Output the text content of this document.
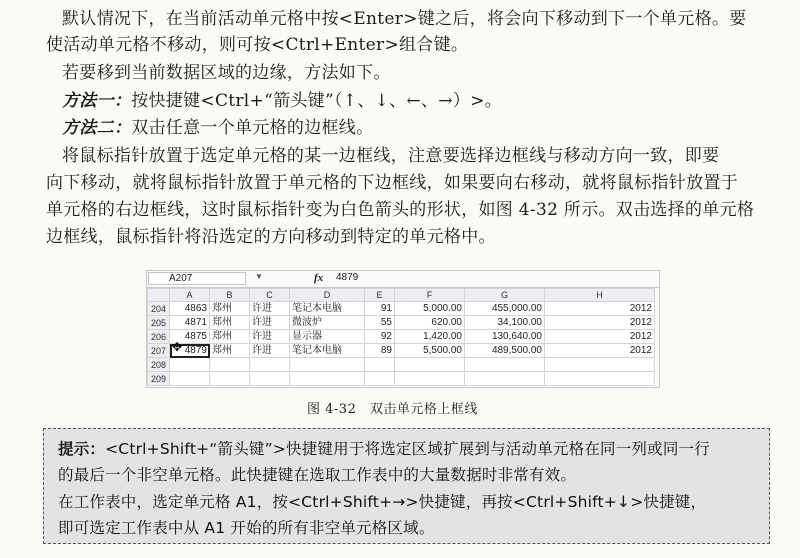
默认情况下，在当前活动单元格中按<Enter>键之后，将会向下移动到下一个单元格。要
使活动单元格不移动，则可按<Ctrl+Enter>组合键。
若要移到当前数据区域的边缘，方法如下。
方法一：按快捷键<Ctrl+“箭头键”（↑、↓、←、→）>。
方法二：双击任意一个单元格的边框线。
将鼠标指针放置于选定单元格的某一边框线，注意要选择边框线与移动方向一致，即要
向下移动，就将鼠标指针放置于单元格的下边框线，如果要向右移动，就将鼠标指针放置于
单元格的右边框线，这时鼠标指针变为白色箭头的形状，如图 4-32 所示。双击选择的单元格
边框线，鼠标指针将沿选定的方向移动到特定的单元格中。
A207	▼	fx	4879
	A	B	C	D	E	F	G	H
204	4863	郑州	许进	笔记本电脑	91	5,000.00	455,000.00	2012
205	4871	郑州	许进	微波炉	55	620.00	34,100.00	2012
206	4875	郑州	许进	显示器	92	1,420.00	130,640.00	2012
207	4879	郑州	许进	笔记本电脑	89	5,500.00	489,500.00	2012
208								
209								
✥
图 4-32　双击单元格上框线
提示：<Ctrl+Shift+“箭头键”>快捷键用于将选定区域扩展到与活动单元格在同一列或同一行
的最后一个非空单元格。此快捷键在选取工作表中的大量数据时非常有效。
在工作表中，选定单元格 A1，按<Ctrl+Shift+→>快捷键，再按<Ctrl+Shift+↓>快捷键，
即可选定工作表中从 A1 开始的所有非空单元格区域。
